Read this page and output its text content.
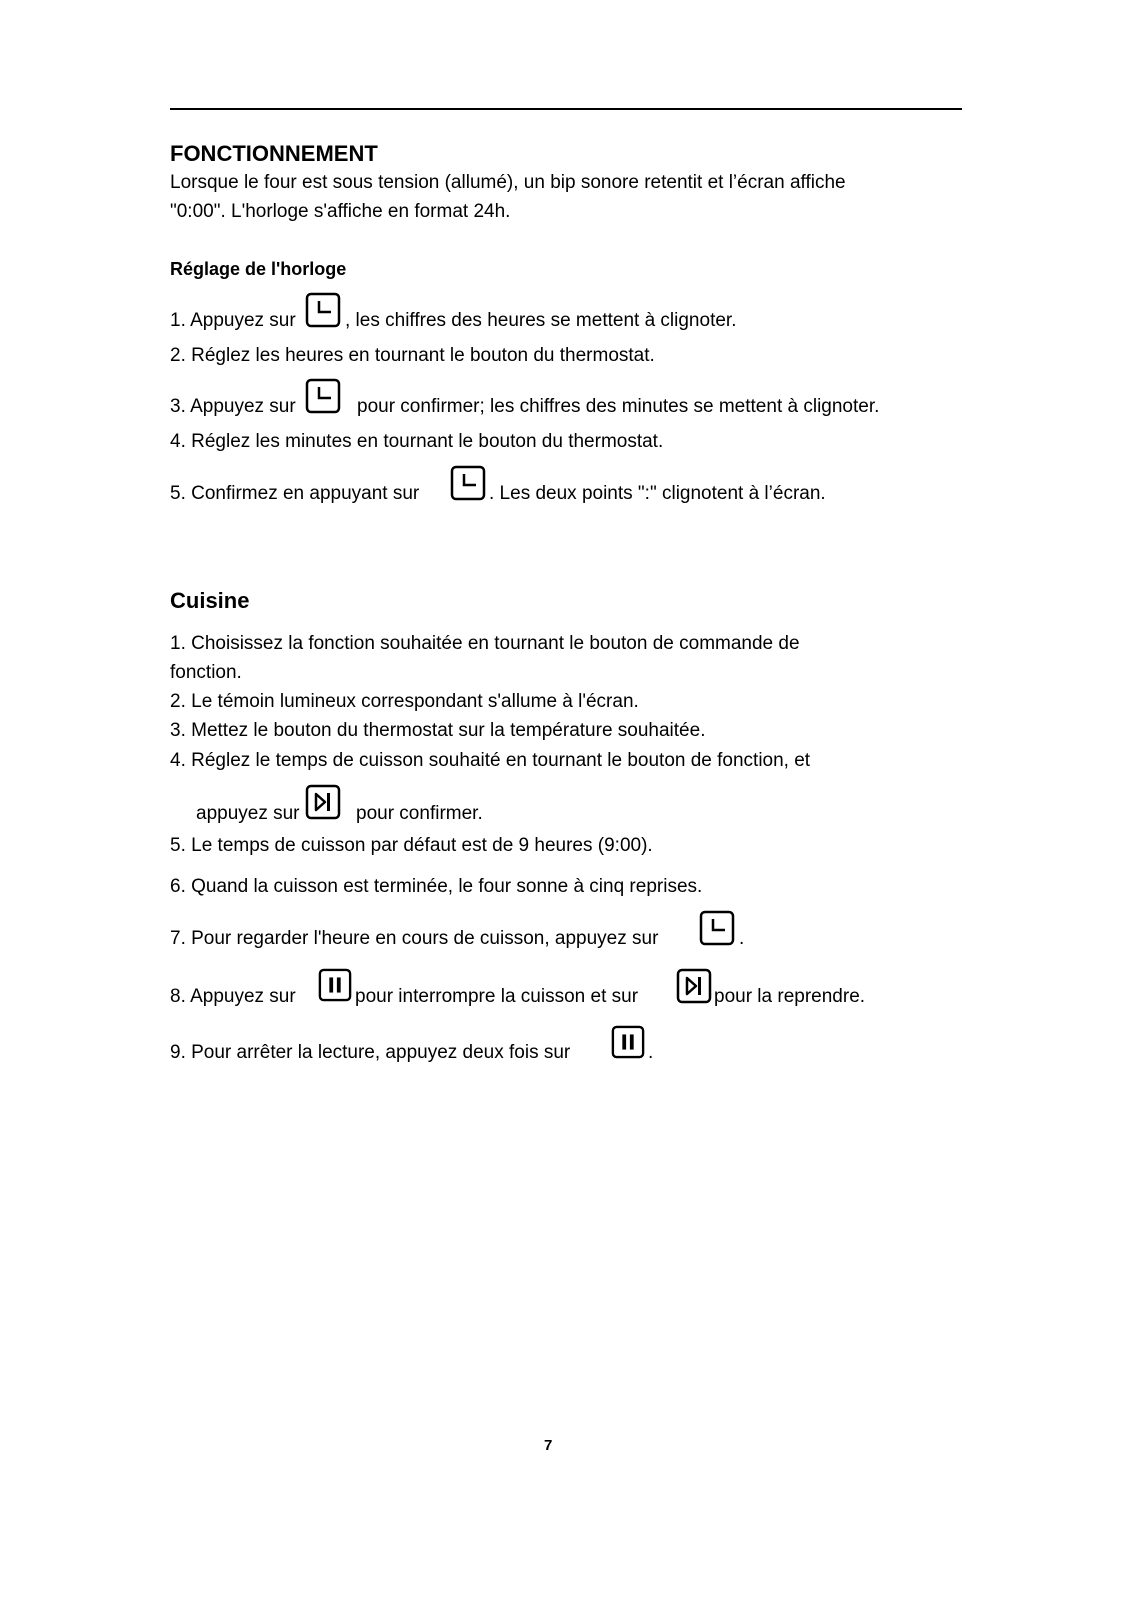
FONCTIONNEMENT
Lorsque le four est sous tension (allumé), un bip sonore retentit et l’écran affiche
"0:00". L'horloge s'affiche en format 24h.
Réglage de l'horloge
1. Appuyez sur	, les chiffres des heures se mettent à clignoter.
2. Réglez les heures en tournant le bouton du thermostat.
3. Appuyez sur	pour confirmer; les chiffres des minutes se mettent à clignoter.
4. Réglez les minutes en tournant le bouton du thermostat.
5. Confirmez en appuyant sur	. Les deux points ":" clignotent à l’écran.
Cuisine
1. Choisissez la fonction souhaitée en tournant le bouton de commande de
fonction.
2. Le témoin lumineux correspondant s'allume à l'écran.
3. Mettez le bouton du thermostat sur la température souhaitée.
4. Réglez le temps de cuisson souhaité en tournant le bouton de fonction, et
appuyez sur	pour confirmer.
5. Le temps de cuisson par défaut est de 9 heures (9:00).
6. Quand la cuisson est terminée, le four sonne à cinq reprises.
7. Pour regarder l'heure en cours de cuisson, appuyez sur	.
8. Appuyez sur	pour interrompre la cuisson et sur	pour la reprendre.
9. Pour arrêter la lecture, appuyez deux fois sur	.
7
